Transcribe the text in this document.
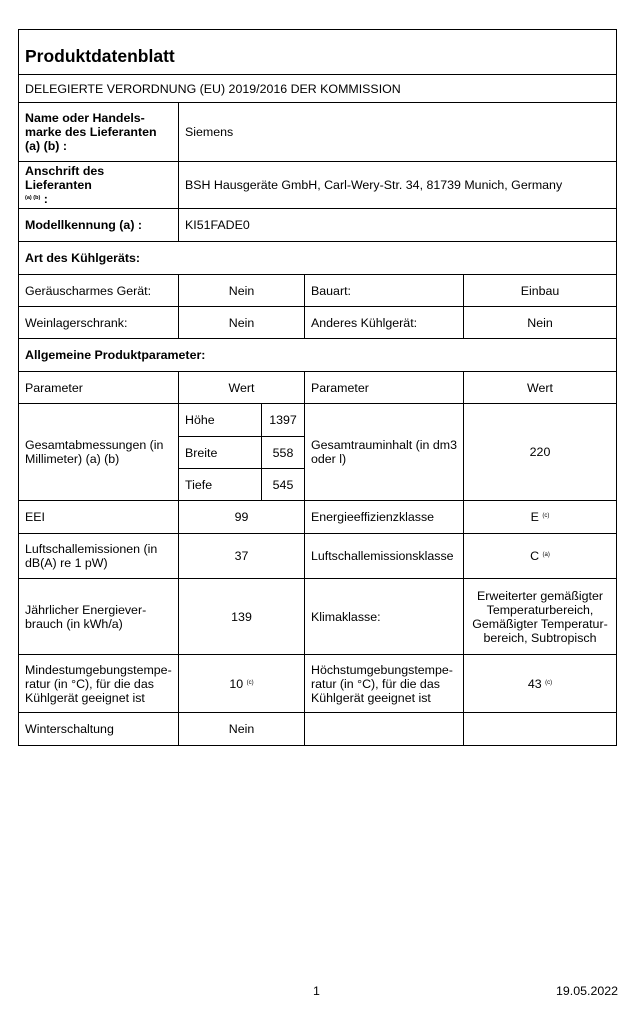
Produktdatenblatt				
DELEGIERTE VERORDNUNG (EU) 2019/2016 DER KOMMISSION				
Name oder Handels-marke des Lieferanten (a) (b) :	Siemens			
Anschrift des Lieferanten
$^{(a) (b)}$ :	BSH Hausgeräte GmbH, Carl-Wery-Str. 34, 81739 Munich, Germany			
Modellkennung (a) :	KI51FADE0			
Art des Kühlgeräts:				
Geräuscharmes Gerät:	Nein		Bauart:	Einbau
Weinlagerschrank:	Nein		Anderes Kühlgerät:	Nein
Allgemeine Produktparameter:				
Parameter	Wert		Parameter	Wert
Gesamtabmessungen (in Millimeter) (a) (b)	Höhe	1397	Gesamtrauminhalt (in dm3 oder l)	220
	Breite	558		
	Tiefe	545		
EEI	99		Energieeffizienzklasse	E $^{(c)}$
Luftschallemissionen (in dB(A) re 1 pW)	37		Luftschallemissionsklasse	C $^{(a)}$
Jährlicher Energiever-brauch (in kWh/a)	139		Klimaklasse:	Erweiterter gemäßigter Temperaturbereich, Gemäßigter Temperatur-bereich, Subtropisch
Mindestumgebungstempe-ratur (in °C), für die das Kühlgerät geeignet ist	10 $^{(c)}$		Höchstumgebungstempe-ratur (in °C), für die das Kühlgerät geeignet ist	43 $^{(c)}$
Winterschaltung	Nein			
1	19.05.2022
